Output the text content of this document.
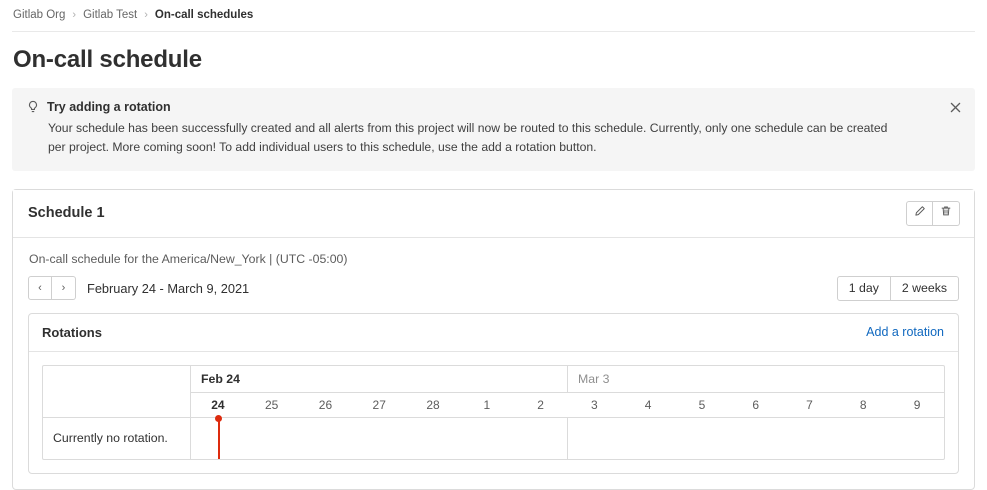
Gitlab Org › Gitlab Test › On-call schedules
On-call schedule
Try adding a rotation
Your schedule has been successfully created and all alerts from this project will now be routed to this schedule. Currently, only one schedule can be created per project. More coming soon! To add individual users to this schedule, use the add a rotation button.
Schedule 1
On-call schedule for the America/New_York | (UTC -05:00)
‹	›	February 24 - March 9, 2021	1 day	2 weeks
Rotations	Add a rotation
Currently no rotation.
Feb 24	Mar 3
24	25	26	27	28	1	2	3	4	5	6	7	8	9
